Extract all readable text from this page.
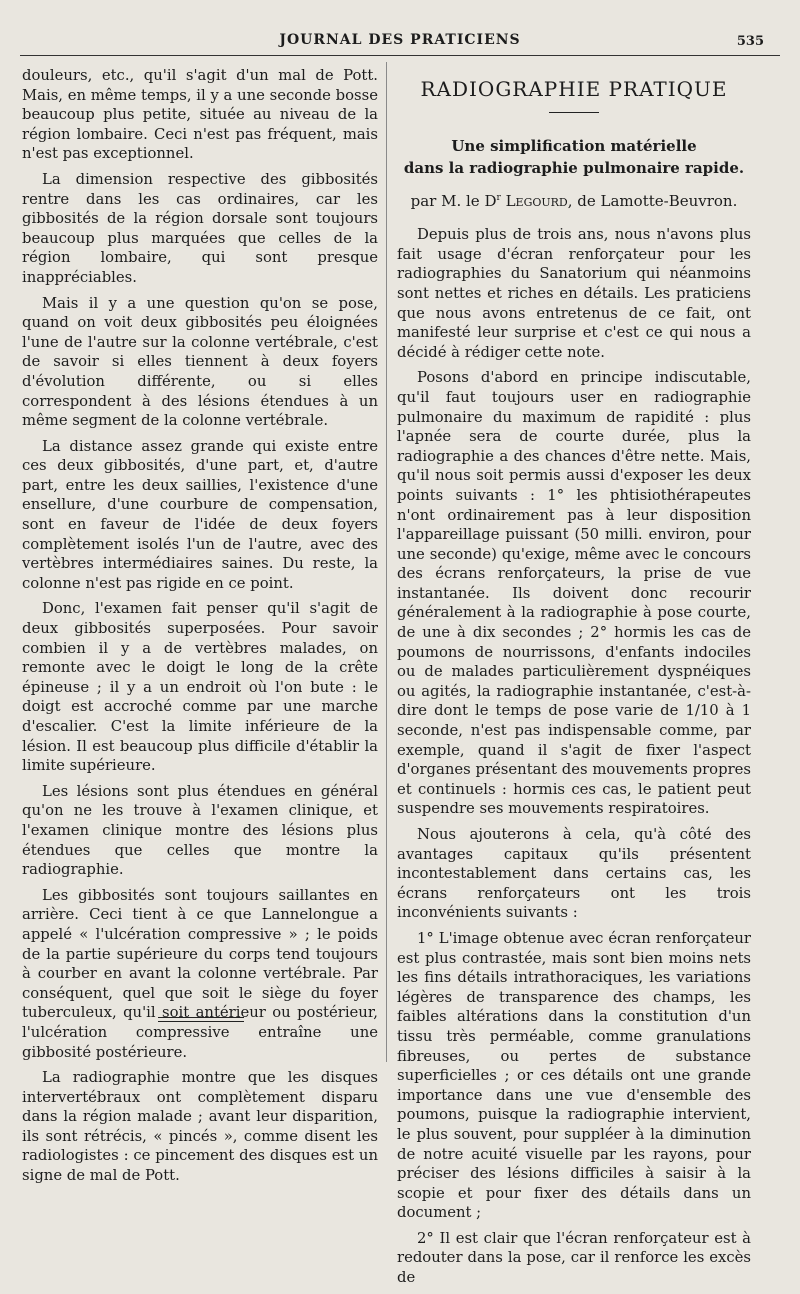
JOURNAL DES PRATICIENS	535

douleurs, etc., qu'il s'agit d'un mal de Pott. Mais, en même temps, il y a une seconde bosse beaucoup plus petite, située au niveau de la région lombaire. Ceci n'est pas fréquent, mais n'est pas exceptionnel.

La dimension respective des gibbosités rentre dans les cas ordinaires, car les gibbosités de la région dorsale sont toujours beaucoup plus marquées que celles de la région lombaire, qui sont presque inappréciables.

Mais il y a une question qu'on se pose, quand on voit deux gibbosités peu éloignées l'une de l'autre sur la colonne vertébrale, c'est de savoir si elles tiennent à deux foyers d'évolution différente, ou si elles correspondent à des lésions étendues à un même segment de la colonne vertébrale.

La distance assez grande qui existe entre ces deux gibbosités, d'une part, et, d'autre part, entre les deux saillies, l'existence d'une ensellure, d'une courbure de compensation, sont en faveur de l'idée de deux foyers complètement isolés l'un de l'autre, avec des vertèbres intermédiaires saines. Du reste, la colonne n'est pas rigide en ce point.

Donc, l'examen fait penser qu'il s'agit de deux gibbosités superposées. Pour savoir combien il y a de vertèbres malades, on remonte avec le doigt le long de la crête épineuse ; il y a un endroit où l'on bute : le doigt est accroché comme par une marche d'escalier. C'est la limite inférieure de la lésion. Il est beaucoup plus difficile d'établir la limite supérieure.

Les lésions sont plus étendues en général qu'on ne les trouve à l'examen clinique, et l'examen clinique montre des lésions plus étendues que celles que montre la radiographie.

Les gibbosités sont toujours saillantes en arrière. Ceci tient à ce que Lannelongue a appelé « l'ulcération compressive » ; le poids de la partie supérieure du corps tend toujours à courber en avant la colonne vertébrale. Par conséquent, quel que soit le siège du foyer tuberculeux, qu'il soit antérieur ou postérieur, l'ulcération compressive entraîne une gibbosité postérieure.

La radiographie montre que les disques intervertébraux ont complètement disparu dans la région malade ; avant leur disparition, ils sont rétrécis, « pincés », comme disent les radiologistes : ce pincement des disques est un signe de mal de Pott.

RADIOGRAPHIE PRATIQUE
Une simplification matérielle
dans la radiographie pulmonaire rapide.
par M. le $D^r$ Legourd, de Lamotte-Beuvron.

Depuis plus de trois ans, nous n'avons plus fait usage d'écran renforçateur pour les radiographies du Sanatorium qui néanmoins sont nettes et riches en détails. Les praticiens que nous avons entretenus de ce fait, ont manifesté leur surprise et c'est ce qui nous a décidé à rédiger cette note.

Posons d'abord en principe indiscutable, qu'il faut toujours user en radiographie pulmonaire du maximum de rapidité : plus l'apnée sera de courte durée, plus la radiographie a des chances d'être nette. Mais, qu'il nous soit permis aussi d'exposer les deux points suivants : 1° les phtisiothérapeutes n'ont ordinairement pas à leur disposition l'appareillage puissant (50 milli. environ, pour une seconde) qu'exige, même avec le concours des écrans renforçateurs, la prise de vue instantanée. Ils doivent donc recourir généralement à la radiographie à pose courte, de une à dix secondes ; 2° hormis les cas de poumons de nourrissons, d'enfants indociles ou de malades particulièrement dyspnéiques ou agités, la radiographie instantanée, c'est-à-dire dont le temps de pose varie de 1/10 à 1 seconde, n'est pas indispensable comme, par exemple, quand il s'agit de fixer l'aspect d'organes présentant des mouvements propres et continuels : hormis ces cas, le patient peut suspendre ses mouvements respiratoires.

Nous ajouterons à cela, qu'à côté des avantages capitaux qu'ils présentent incontestablement dans certains cas, les écrans renforçateurs ont les trois inconvénients suivants :

1° L'image obtenue avec écran renforçateur est plus contrastée, mais sont bien moins nets les fins détails intrathoraciques, les variations légères de transparence des champs, les faibles altérations dans la constitution d'un tissu très perméable, comme granulations fibreuses, ou pertes de substance superficielles ; or ces détails ont une grande importance dans une vue d'ensemble des poumons, puisque la radiographie intervient, le plus souvent, pour suppléer à la diminution de notre acuité visuelle par les rayons, pour préciser des lésions difficiles à saisir à la scopie et pour fixer des détails dans un document ;

2° Il est clair que l'écran renforçateur est à redouter dans la pose, car il renforce les excès de
